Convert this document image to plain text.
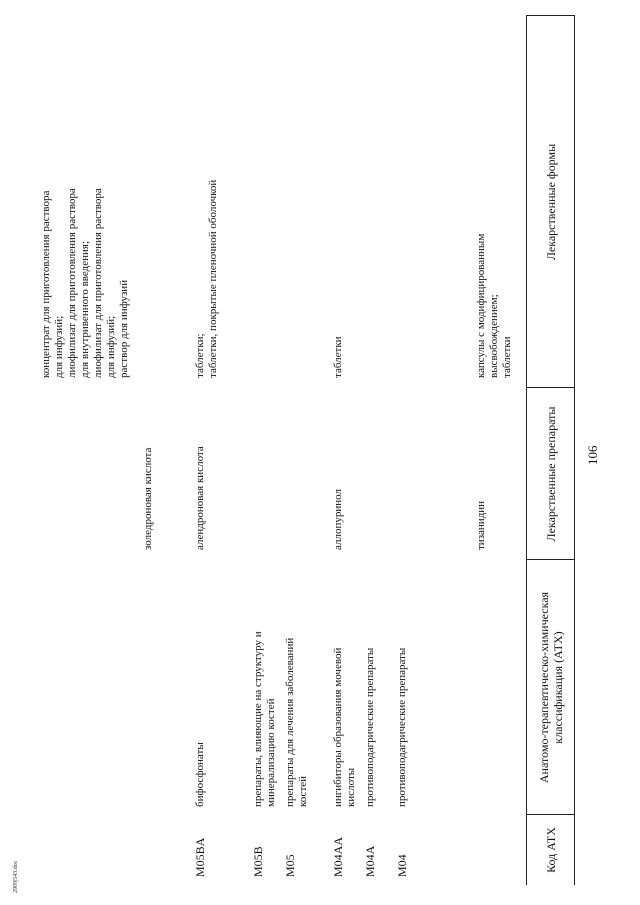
106
2909|543.doc
Код АТХ
Анатомо-терапевтическо-химическая классификация (АТХ)
Лекарственные препараты
Лекарственные формы
тизанидин
капсулы с модифицированным
высвобождением;
таблетки
M04
противоподагрические препараты
M04A
противоподагрические препараты
M04AA
ингибиторы образования мочевой
кислоты
аллопуринол
таблетки
M05
препараты для лечения заболеваний
костей
M05B
препараты, влияющие на структуру и
минерализацию костей
M05BA
бифосфонаты
алендроновая кислота
таблетки;
таблетки, покрытые пленочной оболочкой
золедроновая кислота
концентрат для приготовления раствора
для инфузий;
лиофилизат для приготовления раствора
для внутривенного введения;
лиофилизат для приготовления раствора
для инфузий;
раствор для инфузий
